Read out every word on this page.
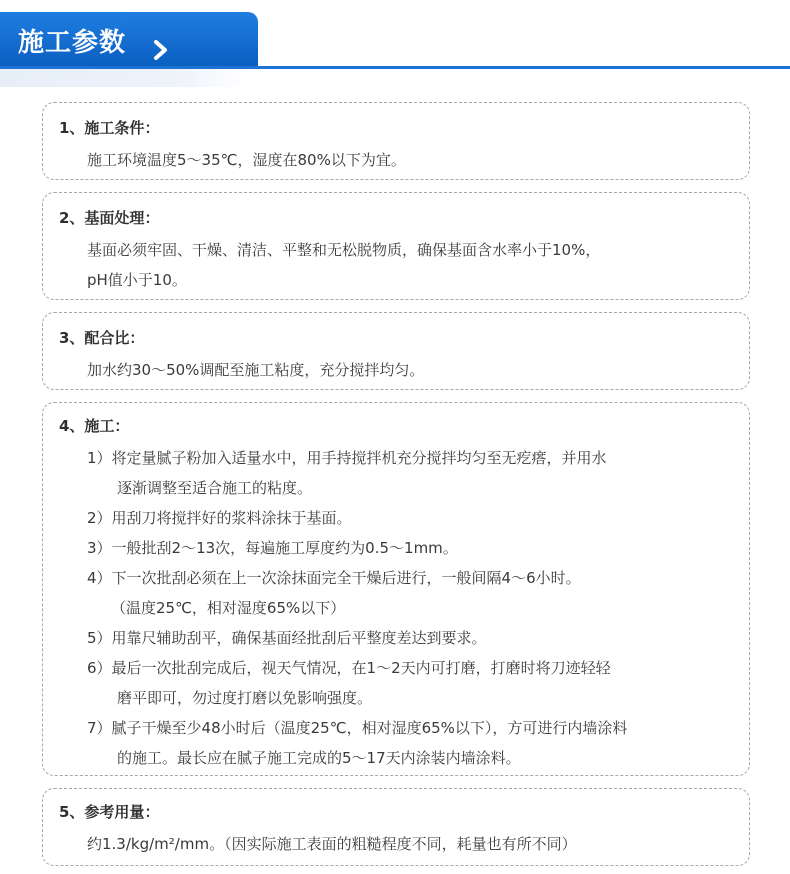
施工参数
1、施工条件：
施工环境温度5～35℃，湿度在80%以下为宜。
2、基面处理：
基面必须牢固、干燥、清洁、平整和无松脱物质，确保基面含水率小于10%，
pH值小于10。
3、配合比：
加水约30～50%调配至施工粘度，充分搅拌均匀。
4、施工：
1）将定量腻子粉加入适量水中，用手持搅拌机充分搅拌均匀至无疙瘩，并用水
逐渐调整至适合施工的粘度。
2）用刮刀将搅拌好的浆料涂抹于基面。
3）一般批刮2～13次，每遍施工厚度约为0.5～1mm。
4）下一次批刮必须在上一次涂抹面完全干燥后进行，一般间隔4～6小时。
（温度25℃，相对湿度65%以下）
5）用靠尺辅助刮平，确保基面经批刮后平整度差达到要求。
6）最后一次批刮完成后，视天气情况，在1～2天内可打磨，打磨时将刀迹轻轻
磨平即可，勿过度打磨以免影响强度。
7）腻子干燥至少48小时后（温度25℃，相对湿度65%以下），方可进行内墙涂料
的施工。最长应在腻子施工完成的5～17天内涂装内墙涂料。
5、参考用量：
约1.3/kg/m²/mm。（因实际施工表面的粗糙程度不同，耗量也有所不同）
